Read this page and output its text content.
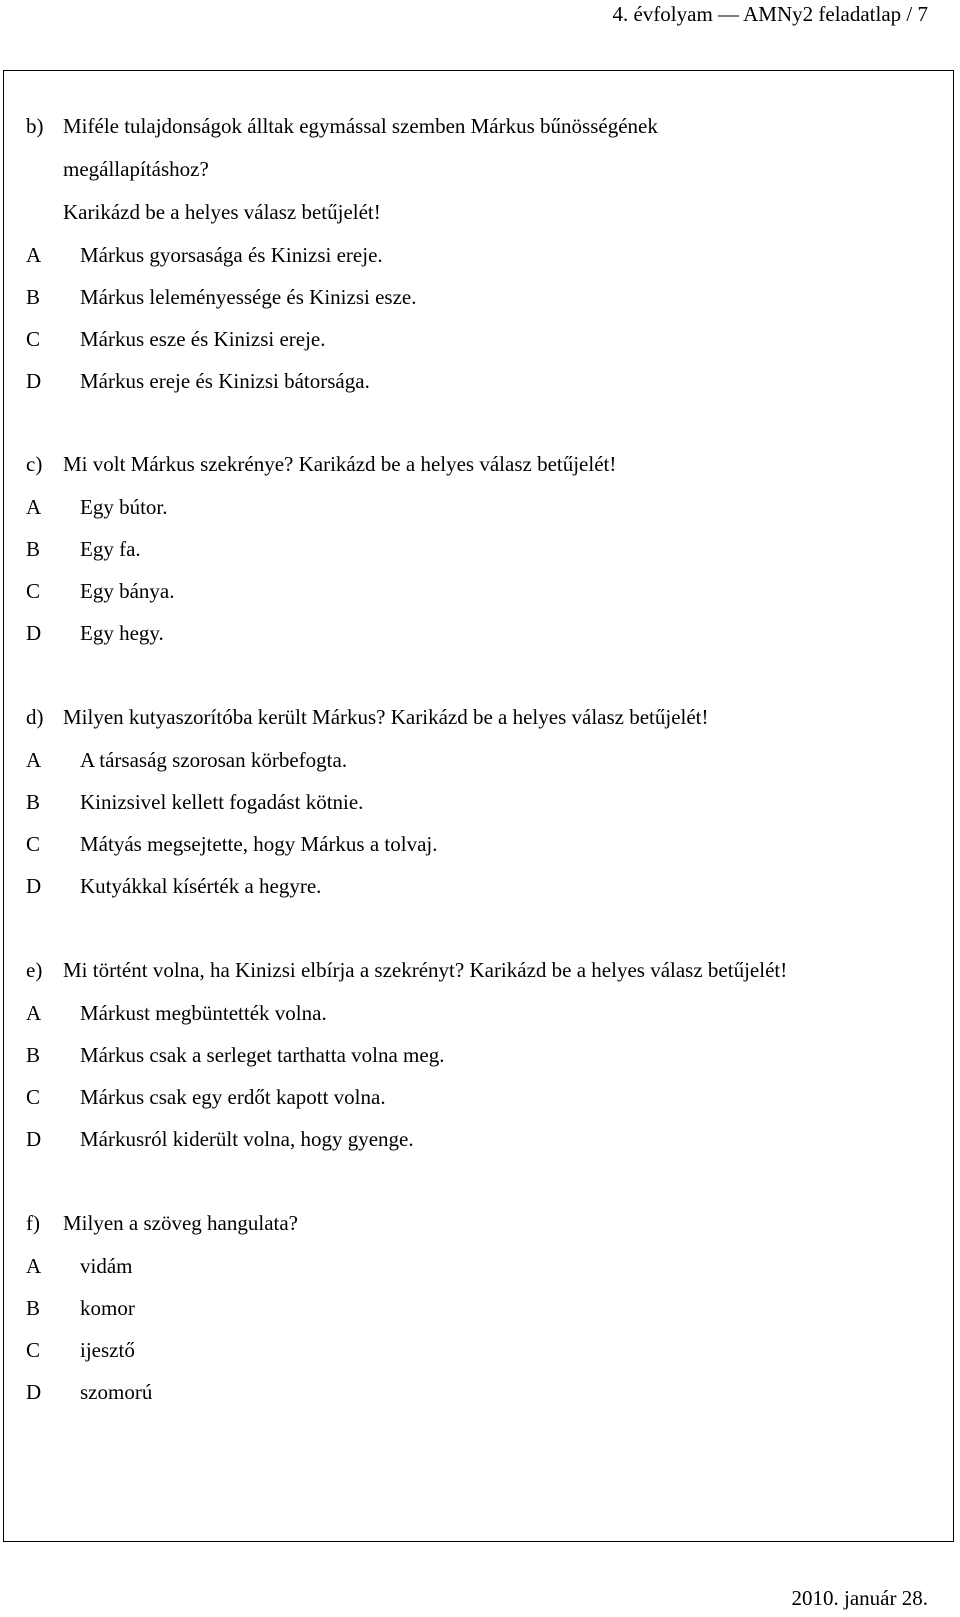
4. évfolyam — AMNy2 feladatlap / 7
b) Miféle tulajdonságok álltak egymással szemben Márkus bűnösségének
megállapításhoz?
Karikázd be a helyes válasz betűjelét!
A Márkus gyorsasága és Kinizsi ereje.
B Márkus leleményessége és Kinizsi esze.
C Márkus esze és Kinizsi ereje.
D Márkus ereje és Kinizsi bátorsága.
c) Mi volt Márkus szekrénye? Karikázd be a helyes válasz betűjelét!
A Egy bútor.
B Egy fa.
C Egy bánya.
D Egy hegy.
d) Milyen kutyaszorítóba került Márkus? Karikázd be a helyes válasz betűjelét!
A A társaság szorosan körbefogta.
B Kinizsivel kellett fogadást kötnie.
C Mátyás megsejtette, hogy Márkus a tolvaj.
D Kutyákkal kísérték a hegyre.
e) Mi történt volna, ha Kinizsi elbírja a szekrényt? Karikázd be a helyes válasz betűjelét!
A Márkust megbüntették volna.
B Márkus csak a serleget tarthatta volna meg.
C Márkus csak egy erdőt kapott volna.
D Márkusról kiderült volna, hogy gyenge.
f) Milyen a szöveg hangulata?
A vidám
B komor
C ijesztő
D szomorú
2010. január 28.
